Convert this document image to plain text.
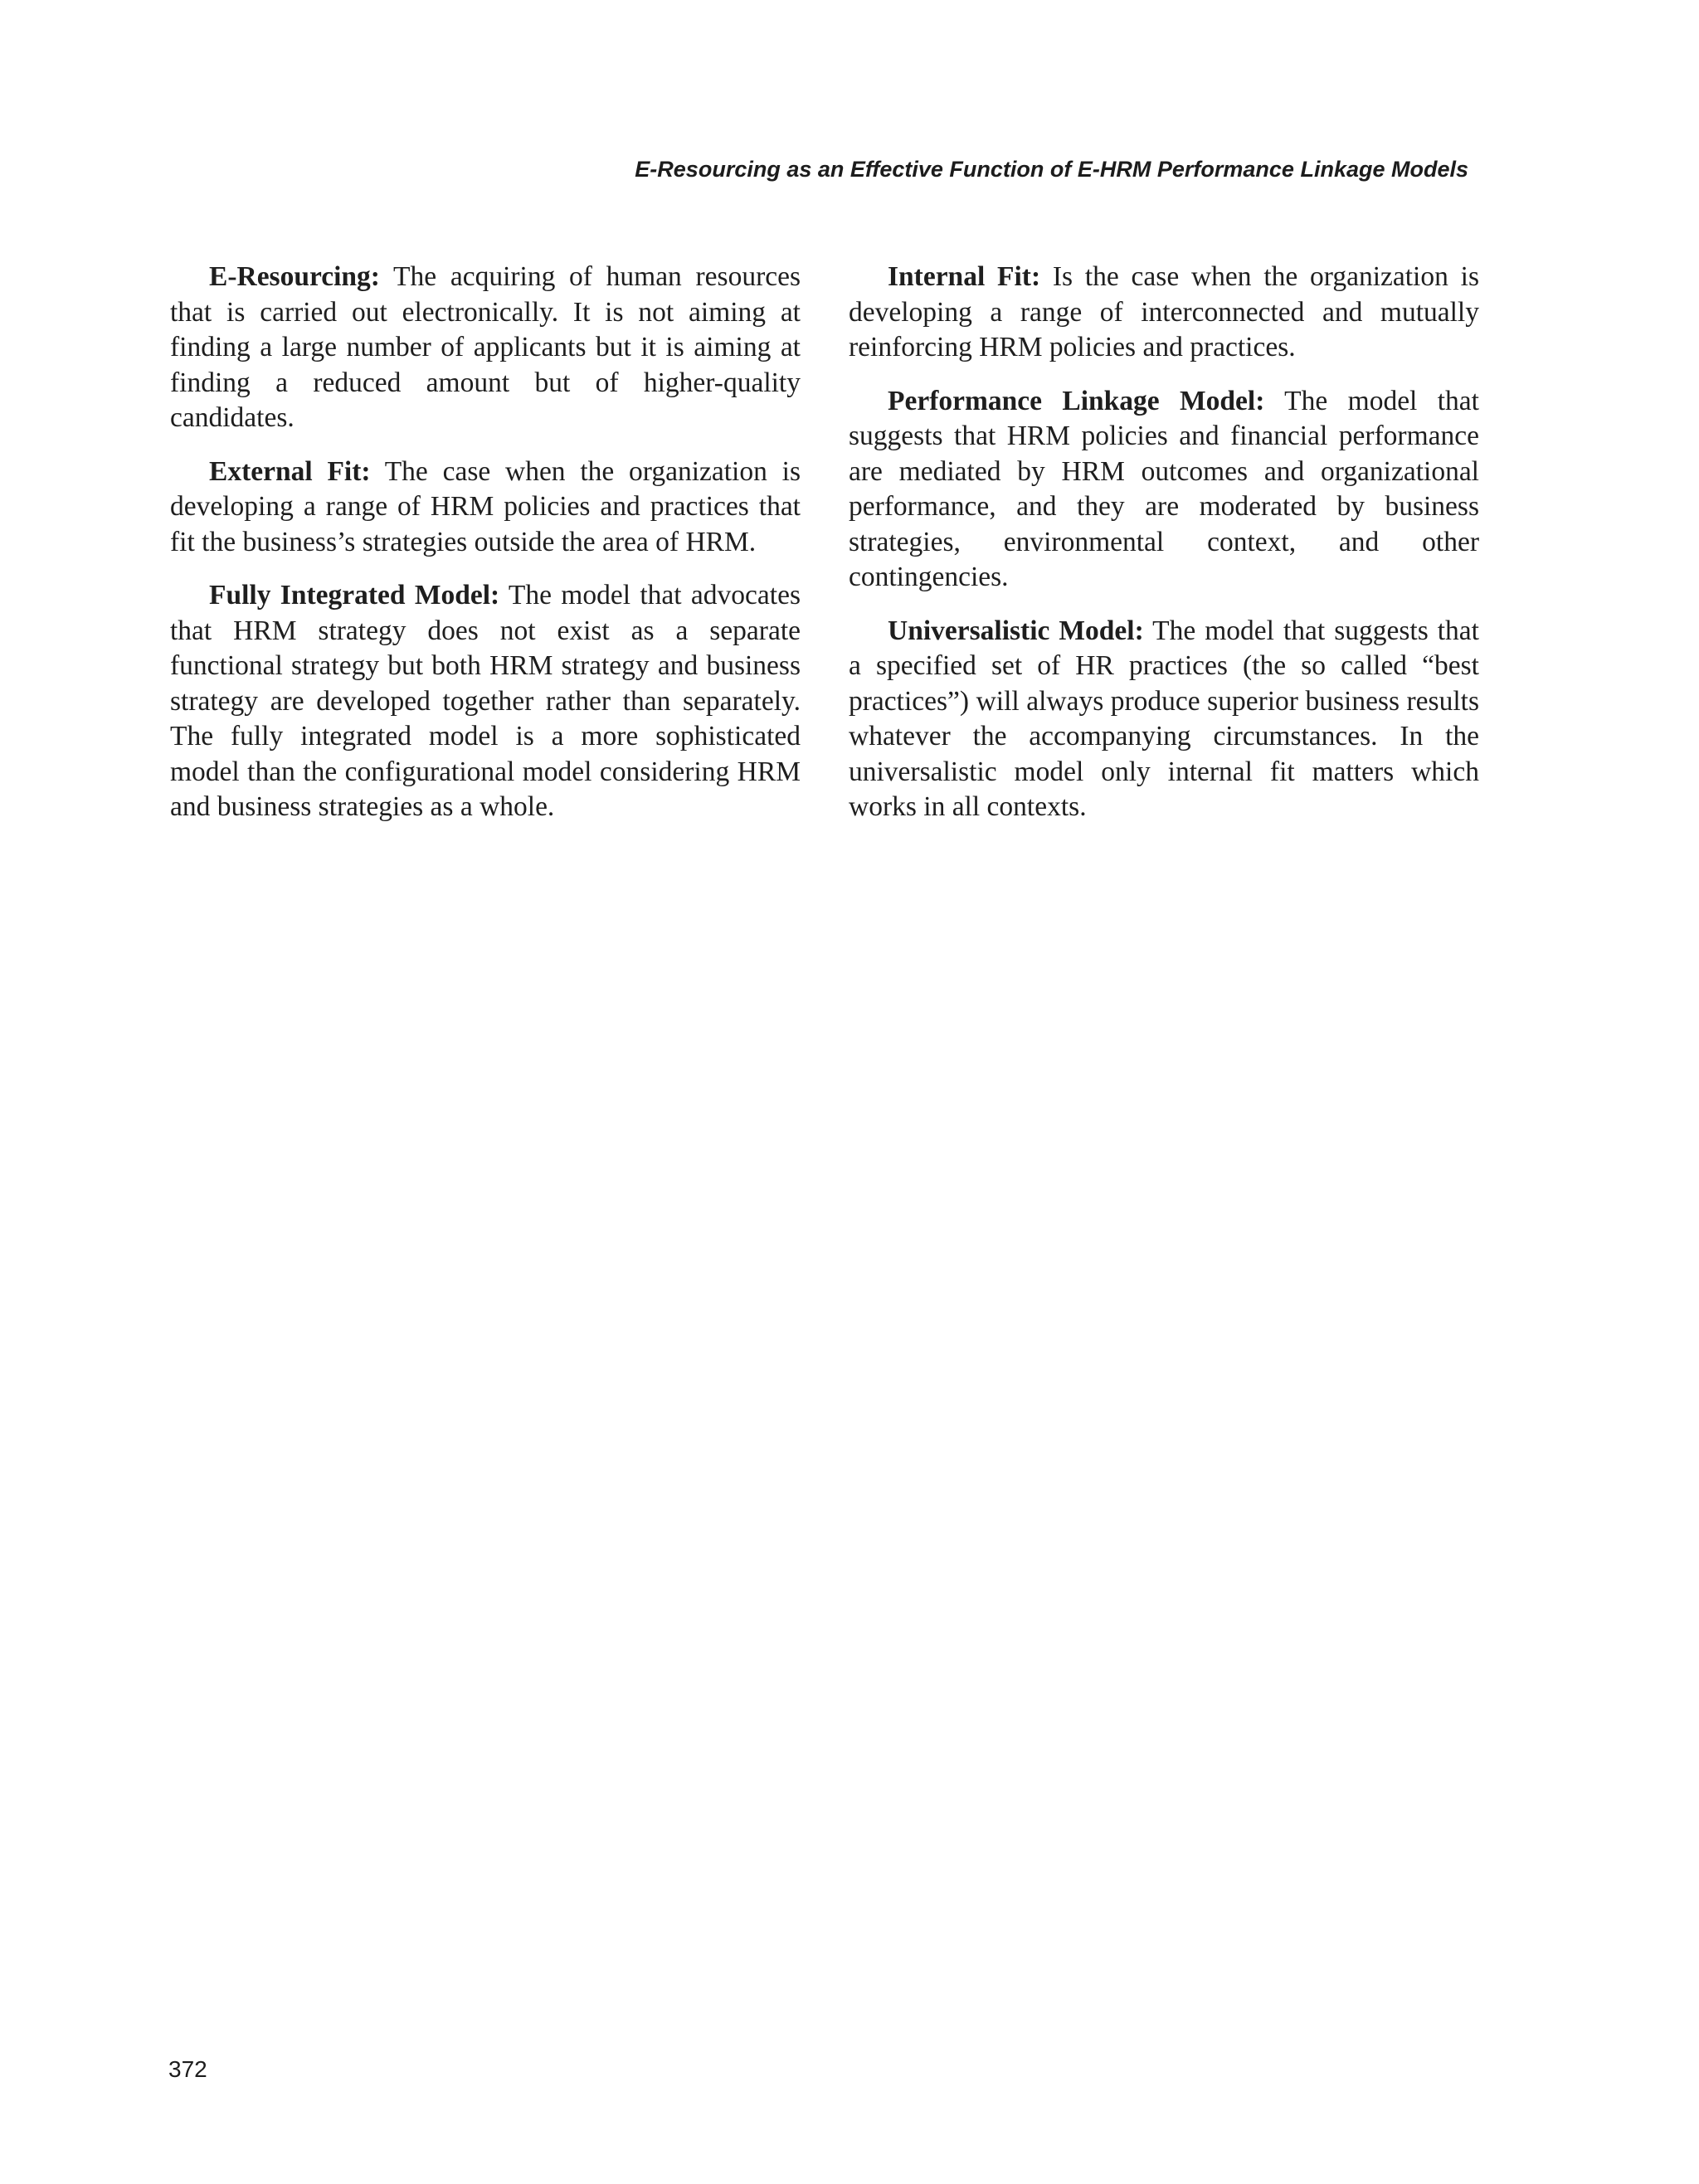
E-Resourcing as an Effective Function of E-HRM Performance Linkage Models

E-Resourcing: The acquiring of human resources that is carried out electronically. It is not aiming at finding a large number of applicants but it is aiming at finding a reduced amount but of higher-quality candidates.

External Fit: The case when the organization is developing a range of HRM policies and practices that fit the business’s strategies outside the area of HRM.

Fully Integrated Model: The model that advocates that HRM strategy does not exist as a separate functional strategy but both HRM strategy and business strategy are developed together rather than separately. The fully integrated model is a more sophisticated model than the configurational model considering HRM and business strategies as a whole.

Internal Fit: Is the case when the organization is developing a range of interconnected and mutually reinforcing HRM policies and practices.

Performance Linkage Model: The model that suggests that HRM policies and financial performance are mediated by HRM outcomes and organizational performance, and they are moderated by business strategies, environmental context, and other contingencies.

Universalistic Model: The model that suggests that a specified set of HR practices (the so called “best practices”) will always produce superior business results whatever the accompanying circumstances. In the universalistic model only internal fit matters which works in all contexts.

372
